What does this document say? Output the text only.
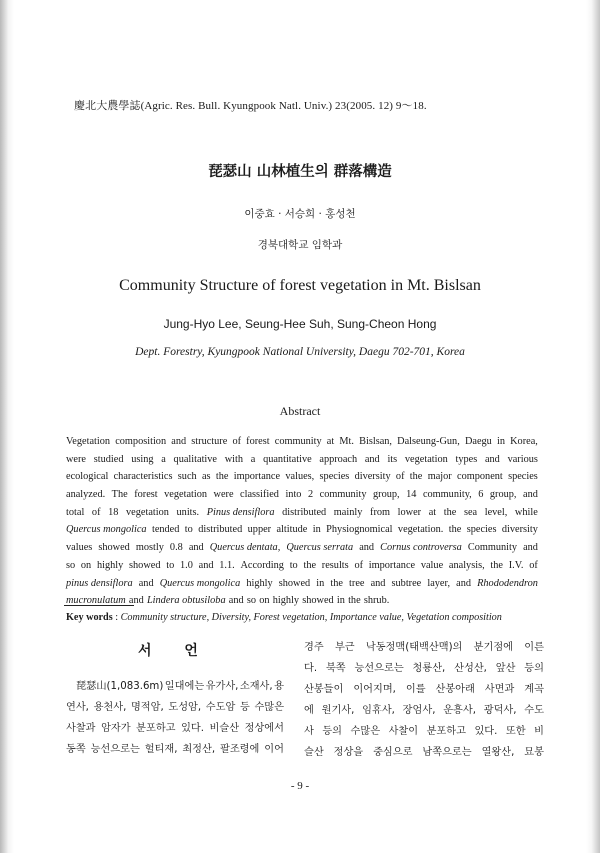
慶北大農學誌(Agric. Res. Bull. Kyungpook Natl. Univ.) 23(2005. 12) 9～18.
琵瑟山 山林植生의 群落構造
이중효 · 서승희 · 홍성천
경북대학교 임학과
Community Structure of forest vegetation in Mt. Bislsan
Jung-Hyo Lee, Seung-Hee Suh, Sung-Cheon Hong
Dept. Forestry, Kyungpook National University, Daegu 702-701, Korea
Abstract
Vegetation composition and structure of forest community at Mt. Bislsan, Dalseung-Gun, Daegu in Korea,
were studied using a qualitative with a quantitative approach and its vegetation types and various
ecological characteristics such as the importance values, species diversity of the major component species
analyzed. The forest vegetation were classified into 2 community group, 14 community, 6 group, and
total of 18 vegetation units. Pinus densiflora distributed mainly from lower at the sea level, while
Quercus mongolica tended to distributed upper altitude in Physiognomical vegetation. the species diversity
values showed mostly 0.8 and Quercus dentata, Quercus serrata and Cornus controversa Community and
so on highly showed to 1.0 and 1.1. According to the results of importance value analysis, the I.V. of
pinus densiflora and Quercus mongolica highly showed in the tree and subtree layer, and Rhododendron
mucronulatum and Lindera obtusiloba and so on highly showed in the shrub.
Key words : Community structure, Diversity, Forest vegetation, Importance value, Vegetation composition
서 언
琵瑟山(1,083.6m) 일대에는 유가사, 소재사, 용
연사, 용천사, 명적암, 도성암, 수도암 등 수많은
사찰과 암자가 분포하고 있다. 비슬산 정상에서
동쪽 능선으로는 헐티재, 최정산, 팔조령에 이어
경주 부근 낙동정맥(태백산맥)의 분기점에 이른
다. 북쪽 능선으로는 청룡산, 산성산, 앞산 등의
산봉들이 이어지며, 이를 산봉아래 사면과 계곡
에 원기사, 임휴사, 장엄사, 운흥사, 광덕사, 수도
사 등의 수많은 사찰이 분포하고 있다. 또한 비
슬산 정상을 중심으로 남쪽으로는 열왕산, 묘봉
- 9 -
